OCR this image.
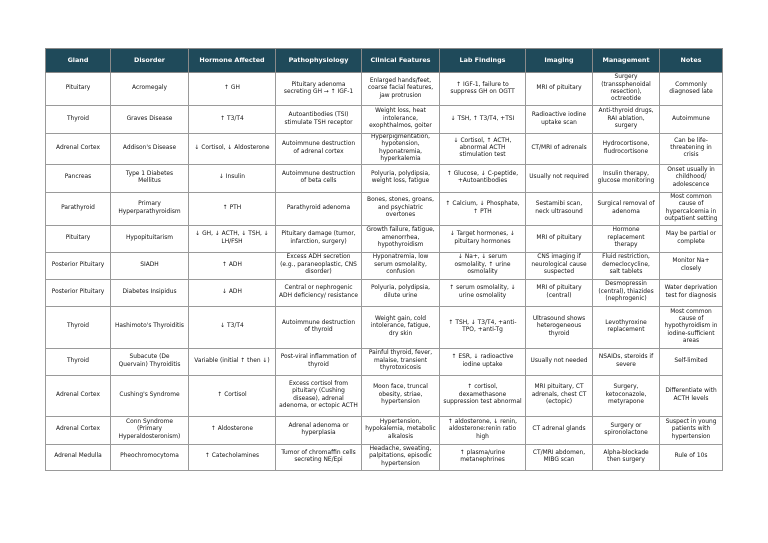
Gland	Disorder	Hormone Affected	Pathophysiology	Clinical Features	Lab Findings	Imaging	Management	Notes
Pituitary	Acromegaly	↑ GH	Pituitary adenoma secreting GH → ↑ IGF-1	Enlarged hands/feet, coarse facial features, jaw protrusion	↑ IGF-1, failure to suppress GH on OGTT	MRI of pituitary	Surgery (transsphenoidal resection), octreotide	Commonly diagnosed late
Thyroid	Graves Disease	↑ T3/T4	Autoantibodies (TSI) stimulate TSH receptor	Weight loss, heat intolerance, exophthalmos, goiter	↓ TSH, ↑ T3/T4, +TSI	Radioactive iodine uptake scan	Anti-thyroid drugs, RAI ablation, surgery	Autoimmune
Adrenal Cortex	Addison's Disease	↓ Cortisol, ↓ Aldosterone	Autoimmune destruction of adrenal cortex	Hyperpigmentation, hypotension, hyponatremia, hyperkalemia	↓ Cortisol, ↑ ACTH, abnormal ACTH stimulation test	CT/MRI of adrenals	Hydrocortisone, fludrocortisone	Can be life-threatening in crisis
Pancreas	Type 1 Diabetes Mellitus	↓ Insulin	Autoimmune destruction of beta cells	Polyuria, polydipsia, weight loss, fatigue	↑ Glucose, ↓ C-peptide, +Autoantibodies	Usually not required	Insulin therapy, glucose monitoring	Onset usually in childhood/ adolescence
Parathyroid	Primary Hyperparathyroidism	↑ PTH	Parathyroid adenoma	Bones, stones, groans, and psychiatric overtones	↑ Calcium, ↓ Phosphate, ↑ PTH	Sestamibi scan, neck ultrasound	Surgical removal of adenoma	Most common cause of hypercalcemia in outpatient setting
Pituitary	Hypopituitarism	↓ GH, ↓ ACTH, ↓ TSH, ↓ LH/FSH	Pituitary damage (tumor, infarction, surgery)	Growth failure, fatigue, amenorrhea, hypothyroidism	↓ Target hormones, ↓ pituitary hormones	MRI of pituitary	Hormone replacement therapy	May be partial or complete
Posterior Pituitary	SIADH	↑ ADH	Excess ADH secretion (e.g., paraneoplastic, CNS disorder)	Hyponatremia, low serum osmolality, confusion	↓ Na+, ↓ serum osmolality, ↑ urine osmolality	CNS imaging if neurological cause suspected	Fluid restriction, demeclocycline, salt tablets	Monitor Na+ closely
Posterior Pituitary	Diabetes Insipidus	↓ ADH	Central or nephrogenic ADH deficiency/ resistance	Polyuria, polydipsia, dilute urine	↑ serum osmolality, ↓ urine osmolality	MRI of pituitary (central)	Desmopressin (central), thiazides (nephrogenic)	Water deprivation test for diagnosis
Thyroid	Hashimoto's Thyroiditis	↓ T3/T4	Autoimmune destruction of thyroid	Weight gain, cold intolerance, fatigue, dry skin	↑ TSH, ↓ T3/T4, +anti-TPO, +anti-Tg	Ultrasound shows heterogeneous thyroid	Levothyroxine replacement	Most common cause of hypothyroidism in iodine-sufficient areas
Thyroid	Subacute (De Quervain) Thyroiditis	Variable (initial ↑ then ↓)	Post-viral inflammation of thyroid	Painful thyroid, fever, malaise, transient thyrotoxicosis	↑ ESR, ↓ radioactive iodine uptake	Usually not needed	NSAIDs, steroids if severe	Self-limited
Adrenal Cortex	Cushing's Syndrome	↑ Cortisol	Excess cortisol from pituitary (Cushing disease), adrenal adenoma, or ectopic ACTH	Moon face, truncal obesity, striae, hypertension	↑ cortisol, dexamethasone suppression test abnormal	MRI pituitary, CT adrenals, chest CT (ectopic)	Surgery, ketoconazole, metyrapone	Differentiate with ACTH levels
Adrenal Cortex	Conn Syndrome (Primary Hyperaldosteronism)	↑ Aldosterone	Adrenal adenoma or hyperplasia	Hypertension, hypokalemia, metabolic alkalosis	↑ aldosterone, ↓ renin, aldosterone:renin ratio high	CT adrenal glands	Surgery or spironolactone	Suspect in young patients with hypertension
Adrenal Medulla	Pheochromocytoma	↑ Catecholamines	Tumor of chromaffin cells secreting NE/Epi	Headache, sweating, palpitations, episodic hypertension	↑ plasma/urine metanephrines	CT/MRI abdomen, MIBG scan	Alpha-blockade then surgery	Rule of 10s
